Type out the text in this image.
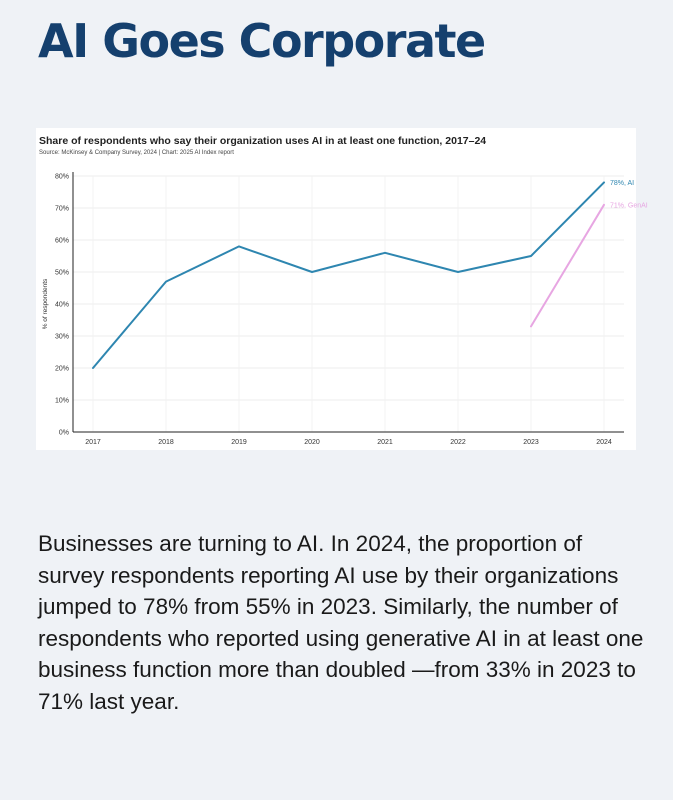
AI Goes Corporate
Share of respondents who say their organization uses AI in at least one function, 2017–24
Source: McKinsey & Company Survey, 2024 | Chart: 2025 AI Index report
0%
10%
20%
30%
40%
50%
60%
70%
80%
2017	2018	2019	2020	2021	2022	2023	2024
% of respondents
78%, AI
71%, GenAI

Businesses are turning to AI. In 2024, the proportion of survey respondents reporting AI use by their organizations jumped to 78% from 55% in 2023. Similarly, the number of respondents who reported using generative AI in at least one business function more than doubled —from 33% in 2023 to 71% last year.
